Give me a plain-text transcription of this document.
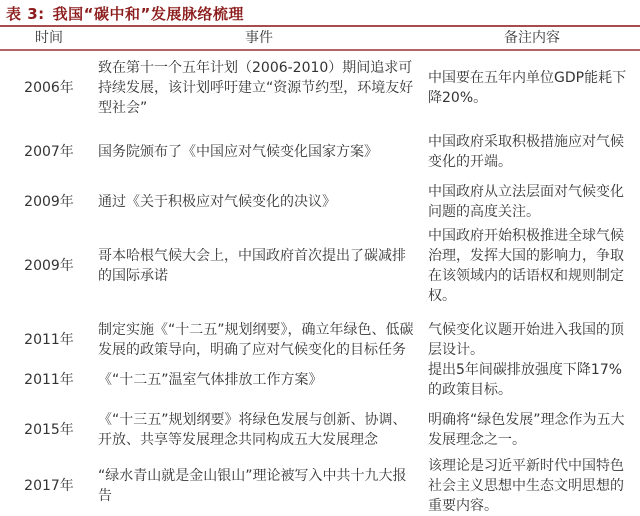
表 3: 我国“碳中和”发展脉络梳理
时间	事件	备注内容
2006年
致在第十一个五年计划（2006-2010）期间追求可持续发展，该计划呼吁建立“资源节约型，环境友好型社会”
中国要在五年内单位GDP能耗下降20%。
2007年 国务院颁布了《中国应对气候变化国家方案》
中国政府采取积极措施应对气候变化的开端。
2009年 通过《关于积极应对气候变化的决议》
中国政府从立法层面对气候变化问题的高度关注。
2009年
哥本哈根气候大会上，中国政府首次提出了碳减排的国际承诺
中国政府开始积极推进全球气候治理，发挥大国的影响力，争取在该领域内的话语权和规则制定权。
2011年
制定实施《“十二五”规划纲要》，确立年绿色、低碳发展的政策导向，明确了应对气候变化的目标任务
气候变化议题开始进入我国的顶层设计。
2011年 《“十二五”温室气体排放工作方案》
提出5年间碳排放强度下降17%的政策目标。
2015年
《“十三五”规划纲要》将绿色发展与创新、协调、开放、共享等发展理念共同构成五大发展理念
明确将“绿色发展”理念作为五大发展理念之一。
2017年
“绿水青山就是金山银山”理论被写入中共十九大报告
该理论是习近平新时代中国特色社会主义思想中生态文明思想的重要内容。
